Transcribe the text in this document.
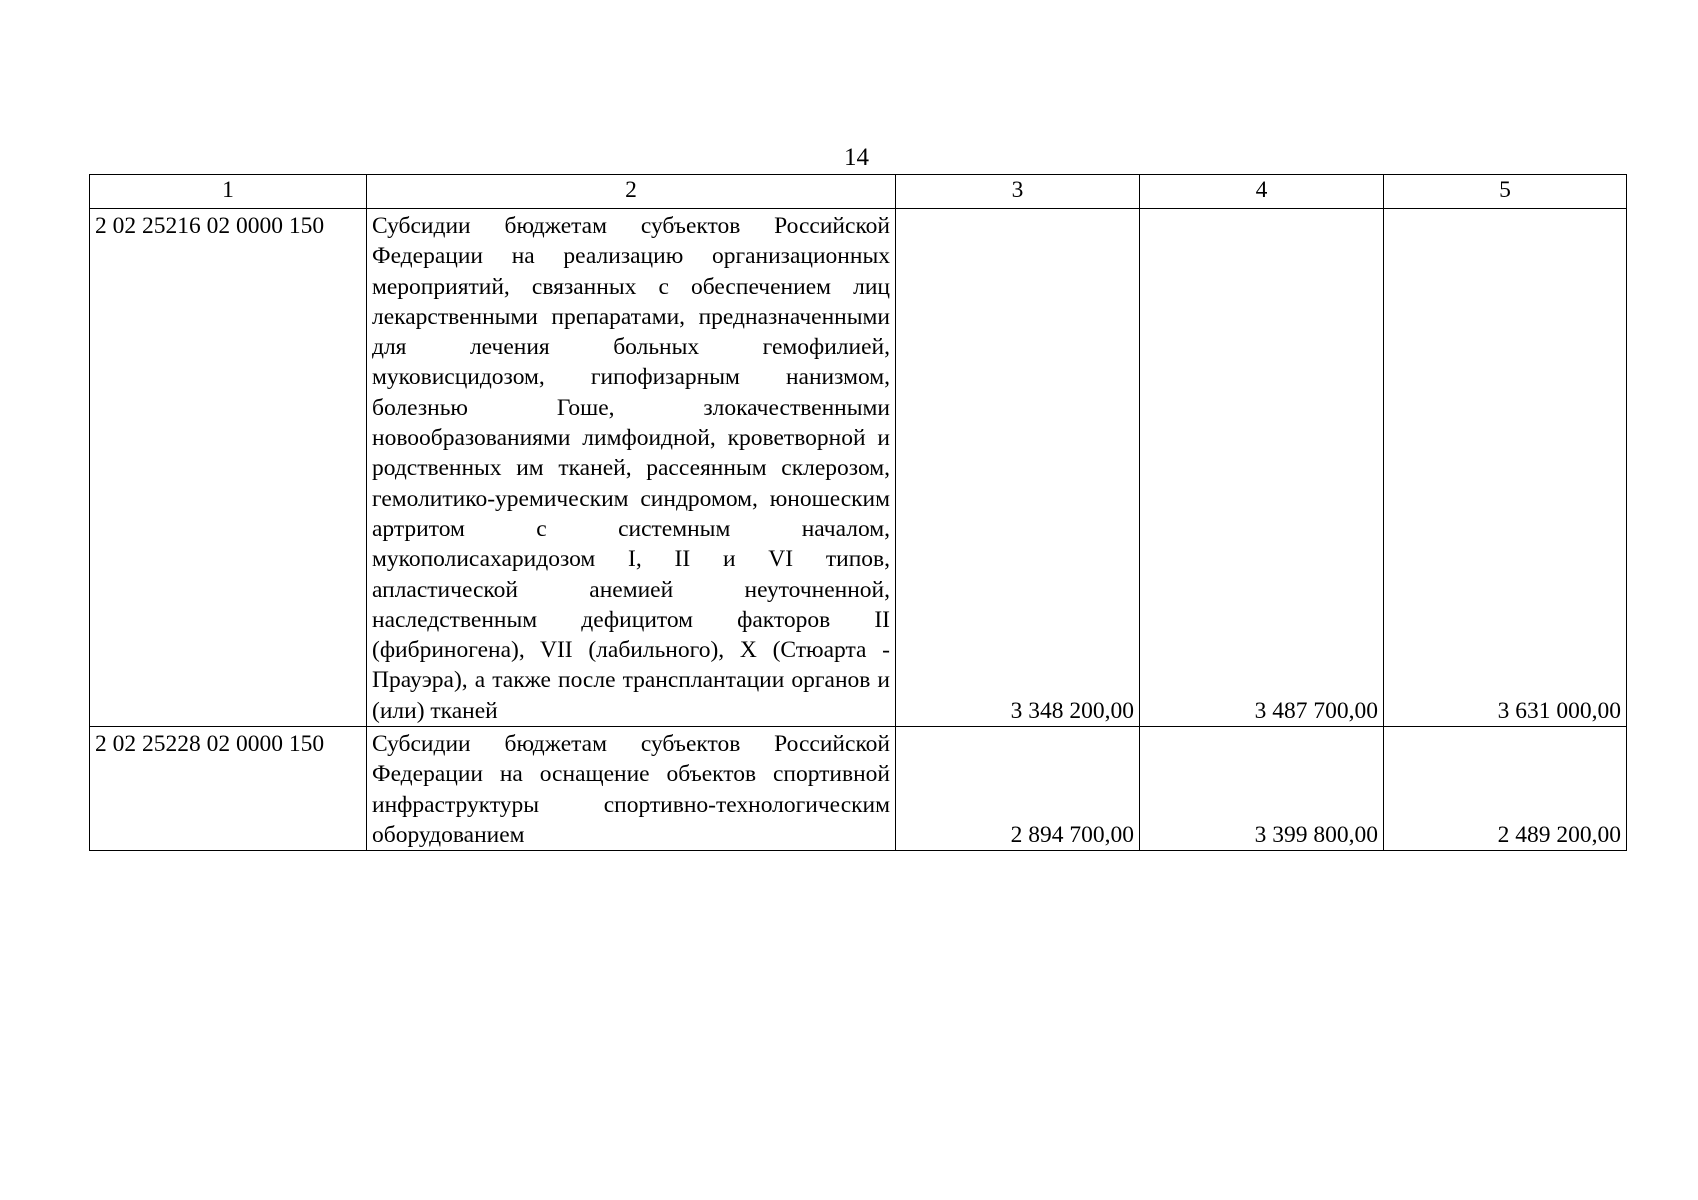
14
1	2	3	4	5
2 02 25216 02 0000 150	Субсидии бюджетам субъектов Российской Федерации на реализацию организационных мероприятий, связанных с обеспечением лиц лекарственными препаратами, предназначенными для лечения больных гемофилией, муковисцидозом, гипофизарным нанизмом, болезнью Гоше, злокачественными новообразованиями лимфоидной, кроветворной и родственных им тканей, рассеянным склерозом, гемолитико-уремическим синдромом, юношеским артритом с системным началом, мукополисахаридозом I, II и VI типов, апластической анемией неуточненной, наследственным дефицитом факторов II (фибриногена), VII (лабильного), X (Стюарта - Прауэра), а также после трансплантации органов и (или) тканей	3 348 200,00	3 487 700,00	3 631 000,00
2 02 25228 02 0000 150	Субсидии бюджетам субъектов Российской Федерации на оснащение объектов спортивной инфраструктуры спортивно-технологическим оборудованием	2 894 700,00	3 399 800,00	2 489 200,00
